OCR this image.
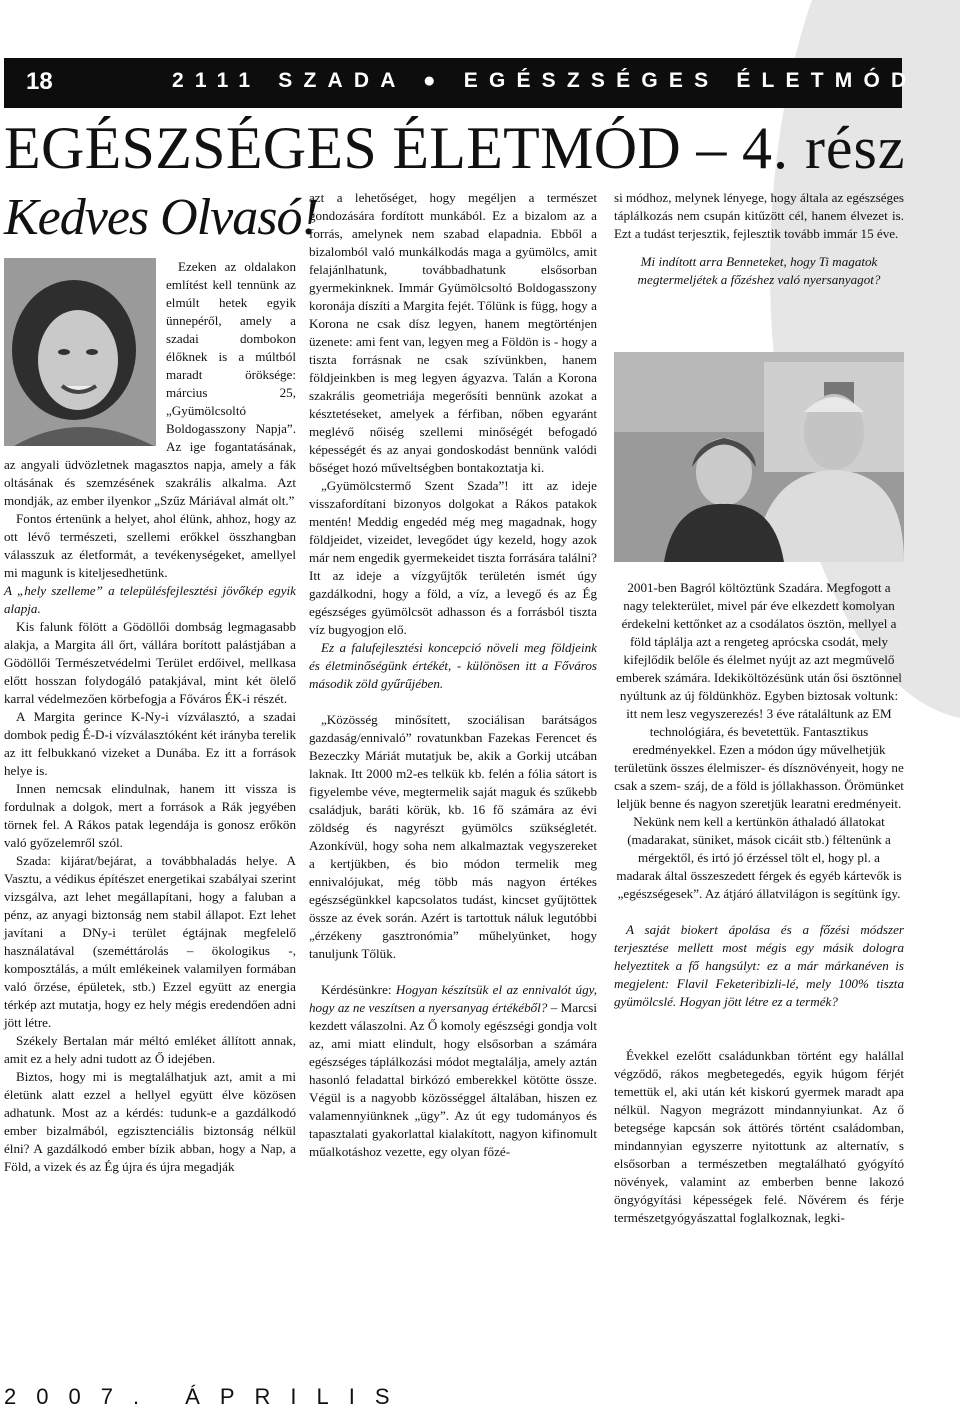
18	2111 SZADA ● EGÉSZSÉGES ÉLETMÓD
EGÉSZSÉGES ÉLETMÓD – 4. rész
Kedves Olvasó!

Ezeken az oldalakon említést kell tennünk az elmúlt hetek egyik ünnepéről, amely a szadai dombokon élőknek is a múltból maradt öröksége: március 25, „Gyümölcsoltó Boldogasszony Napja”. Az ige fogantatásának, az angyali üdvözletnek magasztos napja, amely a fák oltásának és szemzésének szakrális alkalma. Azt mondják, az ember ilyenkor „Szűz Máriával almát olt.”

Fontos értenünk a helyet, ahol élünk, ahhoz, hogy az ott lévő természeti, szellemi erőkkel összhangban válasszuk az életformát, a tevékenységeket, amellyel mi magunk is kiteljesedhetünk.

A „hely szelleme” a településfejlesztési jövőkép egyik alapja.

Kis falunk fölött a Gödöllői dombság legmagasabb alakja, a Margita áll őrt, vállára borított palástjában a Gödöllői Természetvédelmi Terület erdőivel, mellkasa előtt hosszan folydogáló patakjával, mint két ölelő karral védelmezően körbefogja a Főváros ÉK-i részét.

A Margita gerince K-Ny-i vízválasztó, a szadai dombok pedig É-D-i vízválasztóként két irányba terelik az itt felbukkanó vizeket a Dunába. Ez itt a források helye is.

Innen nemcsak elindulnak, hanem itt vissza is fordulnak a dolgok, mert a források a Rák jegyében törnek fel. A Rákos patak legendája is gonosz erőkön való győzelemről szól.

Szada: kijárat/bejárat, a továbbhaladás helye. A Vasztu, a védikus építészet energetikai szabályai szerint vizsgálva, azt lehet megállapítani, hogy a faluban a pénz, az anyagi biztonság nem stabil állapot. Ezt lehet javítani a DNy-i terület égtájnak megfelelő használatával (szeméttárolás – ökologikus -, komposztálás, a múlt emlékeinek valamilyen formában való őrzése, épületek, stb.) Ezzel együtt az energia térkép azt mutatja, hogy ez hely mégis eredendően adni jött létre.

Székely Bertalan már méltó emléket állított annak, amit ez a hely adni tudott az Ő idejében.

Biztos, hogy mi is megtalálhatjuk azt, amit a mi életünk alatt ezzel a hellyel együtt élve közösen adhatunk. Most az a kérdés: tudunk-e a gazdálkodó ember bizalmából, egzisztenciális biztonság nélkül élni? A gazdálkodó ember bízik abban, hogy a Nap, a Föld, a vizek és az Ég újra és újra megadják

azt a lehetőséget, hogy megéljen a természet gondozására fordított munkából. Ez a bizalom az a forrás, amelynek nem szabad elapadnia. Ebből a bizalomból való munkálkodás maga a gyümölcs, amit felajánlhatunk, továbbadhatunk elsősorban gyermekinknek. Immár Gyümölcsoltó Boldogasszony koronája díszíti a Margita fejét. Tőlünk is függ, hogy a Korona ne csak dísz legyen, hanem megtörténjen üzenete: ami fent van, legyen meg a Földön is - hogy a tiszta forrásnak ne csak szívünkben, hanem földjeinkben is meg legyen ágyazva. Talán a Korona szakrális geometriája megerősíti bennünk azokat a késztetéseket, amelyek a férfiban, nőben egyaránt meglévő nőiség szellemi minőségét befogadó képességét és az anyai gondoskodást bennünk valódi bőséget hozó műveltségben bontakoztatja ki.

„Gyümölcstermő Szent Szada”! itt az ideje visszafordítani bizonyos dolgokat a Rákos patakok mentén! Meddig engedéd még meg magadnak, hogy földjeidet, vizeidet, levegődet úgy kezeld, hogy azok már nem engedik gyermekeidet tiszta forrására találni? Itt az ideje a vízgyűjtők területén ismét úgy gazdálkodni, hogy a föld, a víz, a levegő és az Ég egészséges gyümölcsöt adhasson és a forrásból tiszta víz bugyogjon elő.

Ez a falufejlesztési koncepció növeli meg földjeink és életminőségünk értékét, - különösen itt a Főváros második zöld gyűrűjében.

„Közösség minősített, szociálisan barátságos gazdaság/ennivaló” rovatunkban Fazekas Ferencet és Bezeczky Máriát mutatjuk be, akik a Gorkij utcában laknak. Itt 2000 m2-es telkük kb. felén a fólia sátort is figyelembe véve, megtermelik saját maguk és szűkebb családjuk, baráti körük, kb. 16 fő számára az évi zöldség és nagyrészt gyümölcs szükségletét. Azonkívül, hogy soha nem alkalmaztak vegyszereket a kertjükben, és bio módon termelik meg ennivalójukat, még több más nagyon értékes egészségünkkel kapcsolatos tudást, kincset gyűjtöttek össze az évek során. Azért is tartottuk náluk legutóbbi „érzékeny gasztronómia” műhelyünket, hogy tanuljunk Tőlük.

Kérdésünkre: Hogyan készítsük el az ennivalót úgy, hogy az ne veszítsen a nyersanyag értékéből? – Marcsi kezdett válaszolni. Az Ő komoly egészségi gondja volt az, ami miatt elindult, hogy elsősorban a számára egészséges táplálkozási módot megtalálja, amely aztán hasonló feladattal birkózó emberekkel kötötte össze. Végül is a nagyobb közösséggel általában, hiszen ez valamennyiünknek „ügy”. Az út egy tudományos és tapasztalati gyakorlattal kialakított, nagyon kifinomult műalkotáshoz vezette, egy olyan főzé-

si módhoz, melynek lényege, hogy általa az egészséges táplálkozás nem csupán kitűzött cél, hanem élvezet is. Ezt a tudást terjesztik, fejlesztik tovább immár 15 éve.

Mi indított arra Benneteket, hogy Ti magatok megtermeljétek a főzéshez való nyersanyagot?

2001-ben Bagról költöztünk Szadára. Megfogott a nagy telekterület, mivel pár éve elkezdett komolyan érdekelni kettőnket az a csodálatos ösztön, mellyel a föld táplálja azt a rengeteg aprócska csodát, mely kifejlődik belőle és élelmet nyújt az azt megművelő emberek számára. Idekiköltözésünk után ősi ösztönnel nyúltunk az új földünkhöz. Egyben biztosak voltunk: itt nem lesz vegyszerezés! 3 éve rátaláltunk az EM technológiára, és bevetettük. Fantasztikus eredményekkel. Ezen a módon úgy művelhetjük területünk összes élelmiszer- és dísznövényeit, hogy ne csak a szem- száj, de a föld is jóllakhasson. Örömünket leljük benne és nagyon szeretjük learatni eredményeit. Nekünk nem kell a kertünkön áthaladó állatokat (madarakat, süniket, mások cicáit stb.) féltenünk a mérgektől, és irtó jó érzéssel tölt el, hogy pl. a madarak által összeszedett férgek és egyéb kártevők is „egészségesek”. Az átjáró állatvilágon is segítünk így.

A saját biokert ápolása és a főzési módszer terjesztése mellett most mégis egy másik dologra helyeztitek a fő hangsúlyt: ez a már márkanéven is megjelent: Flavil Feketeribizli-lé, mely 100% tiszta gyümölcslé. Hogyan jött létre ez a termék?

Évekkel ezelőtt családunkban történt egy halállal végződő, rákos megbetegedés, egyik húgom férjét temettük el, aki után két kiskorú gyermek maradt apa nélkül. Nagyon megrázott mindannyiunkat. Az ő betegsége kapcsán sok áttörés történt családomban, mindannyian egyszerre nyitottunk az alternatív, s elsősorban a természetben megtalálható gyógyító növények, valamint az emberben benne lakozó öngyógyítási képességek felé. Nővérem és férje természetgyógyászattal foglalkoznak, legki-

2007. ÁPRILIS
